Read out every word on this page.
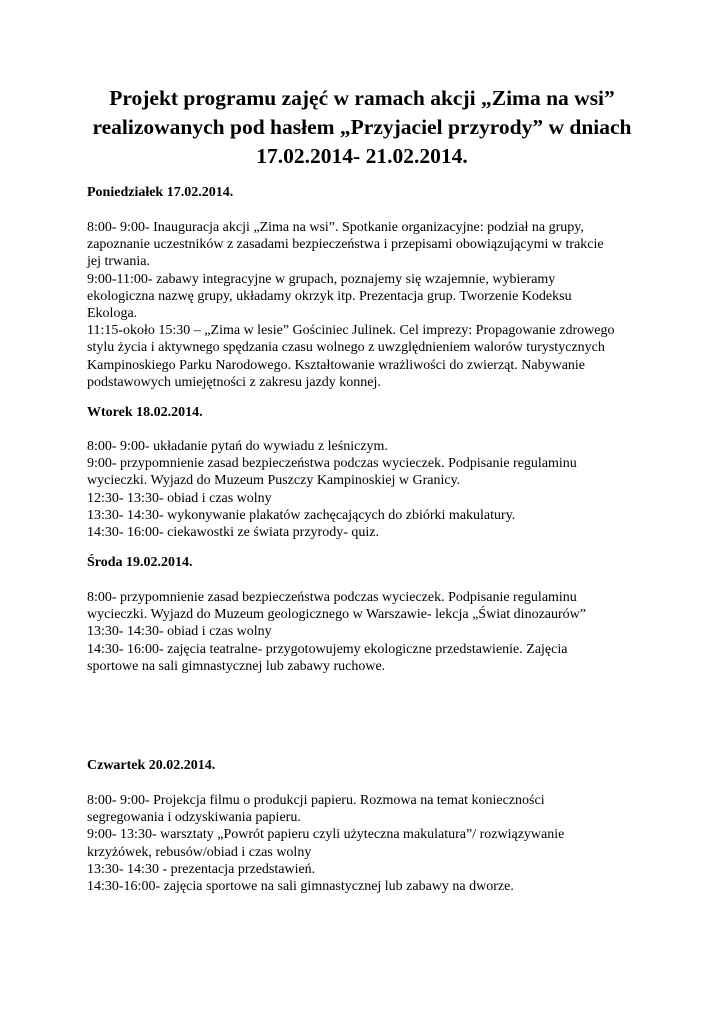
Projekt programu zajęć w ramach akcji „Zima na wsi”
realizowanych pod hasłem „Przyjaciel przyrody” w dniach
17.02.2014- 21.02.2014.
Poniedziałek 17.02.2014.
8:00- 9:00- Inauguracja akcji „Zima na wsi”. Spotkanie organizacyjne: podział na grupy,
zapoznanie uczestników z zasadami bezpieczeństwa i przepisami obowiązującymi w trakcie
jej trwania.
9:00-11:00- zabawy integracyjne w grupach, poznajemy się wzajemnie, wybieramy
ekologiczna nazwę grupy, układamy okrzyk itp. Prezentacja grup. Tworzenie Kodeksu
Ekologa.
11:15-około 15:30 – „Zima w lesie” Gościniec Julinek. Cel imprezy: Propagowanie zdrowego
stylu życia i aktywnego spędzania czasu wolnego z uwzględnieniem walorów turystycznych
Kampinoskiego Parku Narodowego. Kształtowanie wrażliwości do zwierząt. Nabywanie
podstawowych umiejętności z zakresu jazdy konnej.
Wtorek 18.02.2014.
8:00- 9:00- układanie pytań do wywiadu z leśniczym.
9:00- przypomnienie zasad bezpieczeństwa podczas wycieczek. Podpisanie regulaminu
wycieczki. Wyjazd do Muzeum Puszczy Kampinoskiej w Granicy.
12:30- 13:30- obiad i czas wolny
13:30- 14:30- wykonywanie plakatów zachęcających do zbiórki makulatury.
14:30- 16:00- ciekawostki ze świata przyrody- quiz.
Środa 19.02.2014.
8:00- przypomnienie zasad bezpieczeństwa podczas wycieczek. Podpisanie regulaminu
wycieczki. Wyjazd do Muzeum geologicznego w Warszawie- lekcja „Świat dinozaurów”
13:30- 14:30- obiad i czas wolny
14:30- 16:00- zajęcia teatralne- przygotowujemy ekologiczne przedstawienie. Zajęcia
sportowe na sali gimnastycznej lub zabawy ruchowe.
Czwartek 20.02.2014.
8:00- 9:00- Projekcja filmu o produkcji papieru. Rozmowa na temat konieczności
segregowania i odzyskiwania papieru.
9:00- 13:30- warsztaty „Powrót papieru czyli użyteczna makulatura”/ rozwiązywanie
krzyżówek, rebusów/obiad i czas wolny
13:30- 14:30 - prezentacja przedstawień.
14:30-16:00- zajęcia sportowe na sali gimnastycznej lub zabawy na dworze.
